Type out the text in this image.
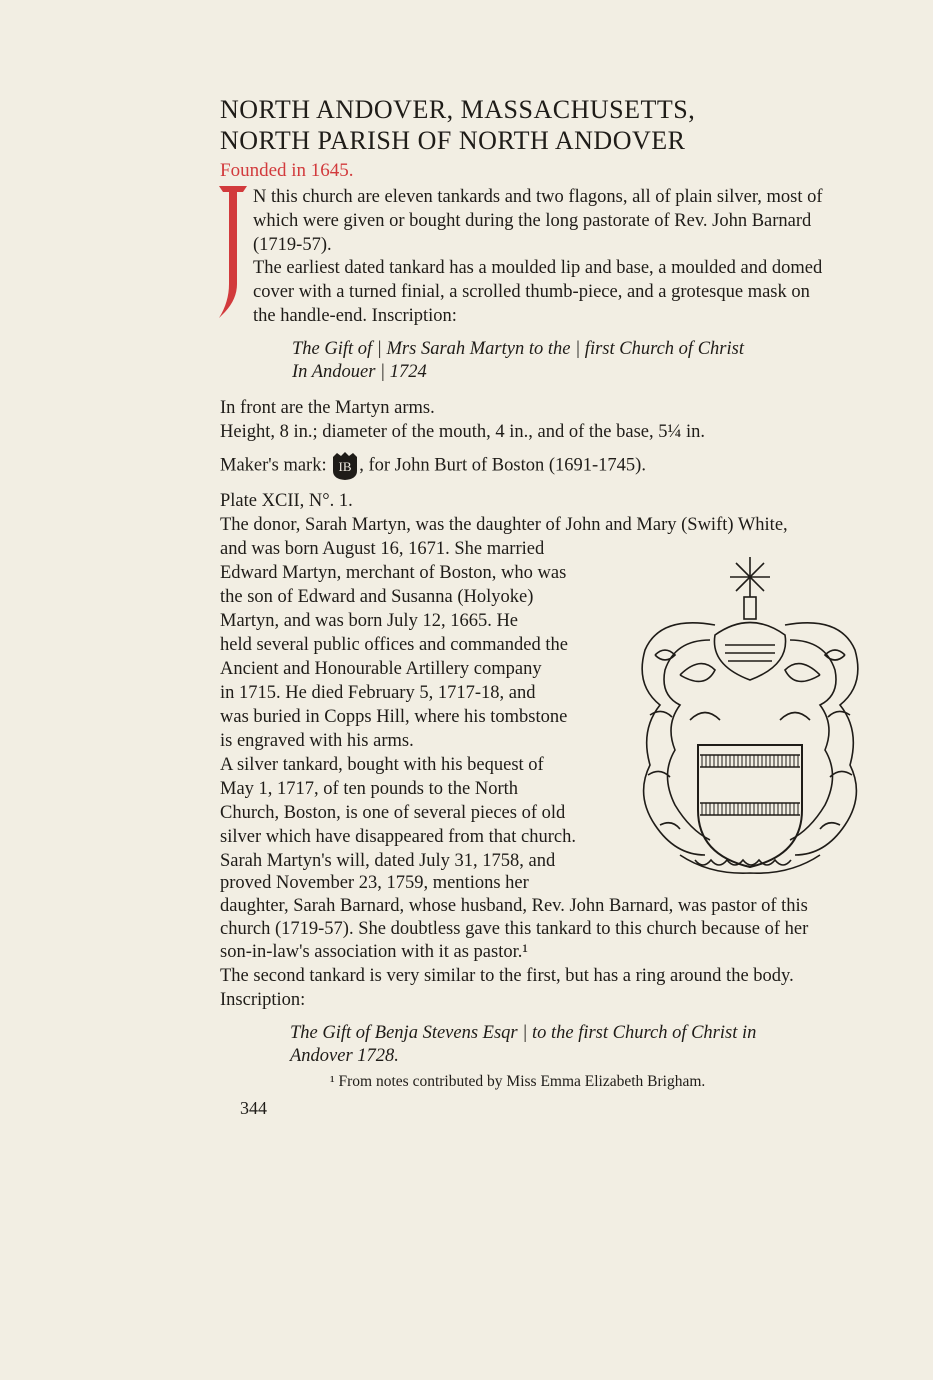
NORTH ANDOVER, MASSACHUSETTS,
NORTH PARISH OF NORTH ANDOVER
Founded in 1645.
N this church are eleven tankards and two flagons, all of plain silver, most of
which were given or bought during the long pastorate of Rev. John Barnard
(1719-57).
The earliest dated tankard has a moulded lip and base, a moulded and domed
cover with a turned finial, a scrolled thumb-piece, and a grotesque mask on
the handle-end. Inscription:
The Gift of | Mrs Sarah Martyn to the | first Church of Christ
In Andouer | 1724
In front are the Martyn arms.
Height, 8 in.; diameter of the mouth, 4 in., and of the base, 5¼ in.
Maker's mark: IB , for John Burt of Boston (1691-1745).
Plate XCII, N°. 1.
The donor, Sarah Martyn, was the daughter of John and Mary (Swift) White,
and was born August 16, 1671. She married
Edward Martyn, merchant of Boston, who was
the son of Edward and Susanna (Holyoke)
Martyn, and was born July 12, 1665. He
held several public offices and commanded the
Ancient and Honourable Artillery company
in 1715. He died February 5, 1717-18, and
was buried in Copps Hill, where his tombstone
is engraved with his arms.
A silver tankard, bought with his bequest of
May 1, 1717, of ten pounds to the North
Church, Boston, is one of several pieces of old
silver which have disappeared from that church.
Sarah Martyn's will, dated July 31, 1758, and
proved November 23, 1759, mentions her
daughter, Sarah Barnard, whose husband, Rev. John Barnard, was pastor of this
church (1719-57). She doubtless gave this tankard to this church because of her
son-in-law's association with it as pastor.¹
The second tankard is very similar to the first, but has a ring around the body.
Inscription:
The Gift of Benja Stevens Esqr | to the first Church of Christ in
Andover 1728.
¹ From notes contributed by Miss Emma Elizabeth Brigham.
344
